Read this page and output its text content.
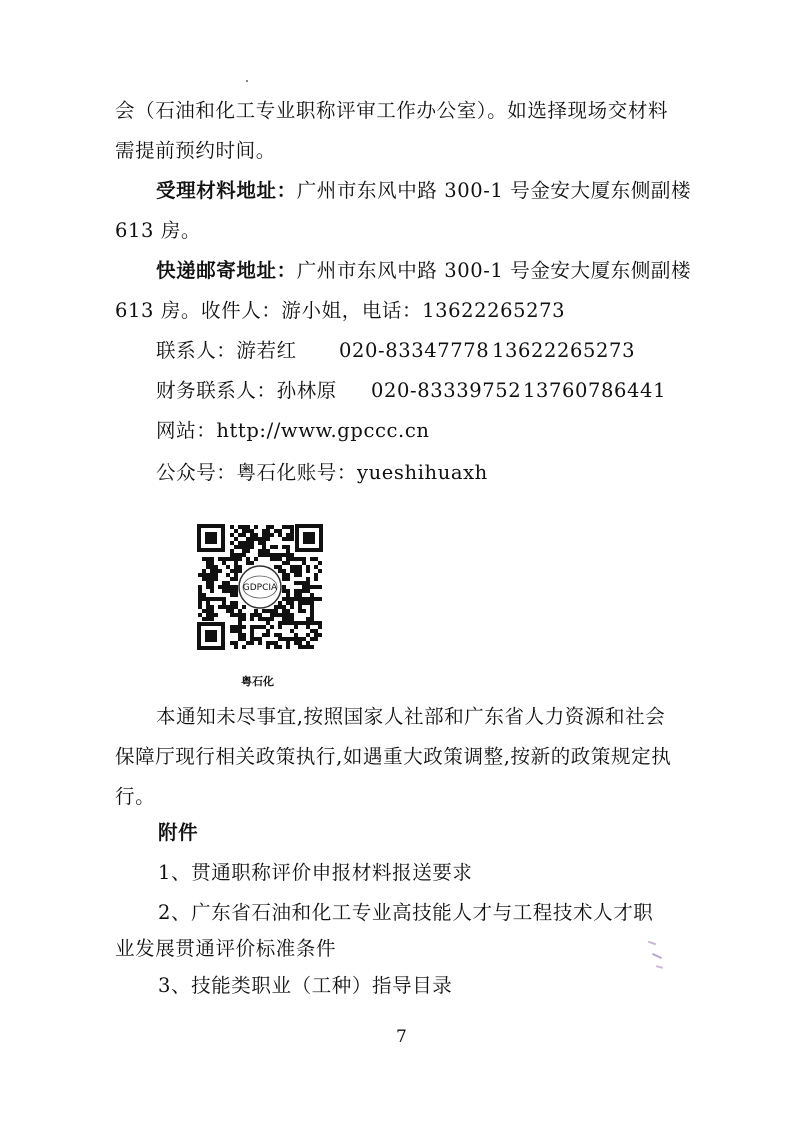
会（石油和化工专业职称评审工作办公室）。如选择现场交材料
需提前预约时间。
受理材料地址：广州市东风中路 300-1 号金安大厦东侧副楼
613 房。
快递邮寄地址：广州市东风中路 300-1 号金安大厦东侧副楼
613 房。收件人：游小姐，电话：13622265273
联系人：游若红 020-83347778 13622265273
财务联系人：孙林原 020-83339752 13760786441
网站：http://www.gpccc.cn
公众号：粤石化账号：yueshihuaxh
GDPCIA
粤石化
本通知未尽事宜,按照国家人社部和广东省人力资源和社会
保障厅现行相关政策执行,如遇重大政策调整,按新的政策规定执
行。
附件
1、贯通职称评价申报材料报送要求
2、广东省石油和化工专业高技能人才与工程技术人才职
业发展贯通评价标准条件
3、技能类职业（工种）指导目录
7
